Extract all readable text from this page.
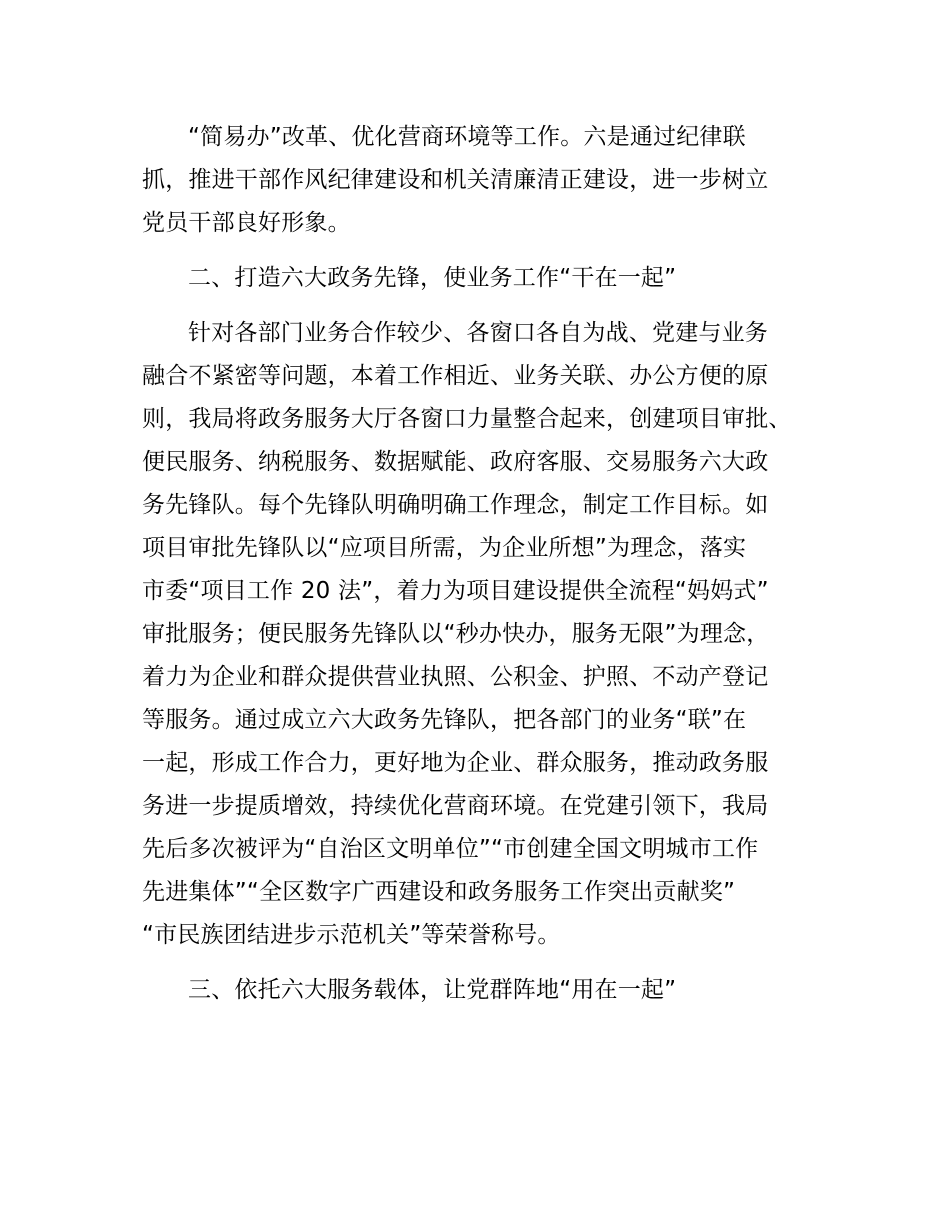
“简易办”改革、优化营商环境等工作。六是通过纪律联
抓，推进干部作风纪律建设和机关清廉清正建设，进一步树立
党员干部良好形象。
二、打造六大政务先锋，使业务工作“干在一起”
针对各部门业务合作较少、各窗口各自为战、党建与业务
融合不紧密等问题，本着工作相近、业务关联、办公方便的原
则，我局将政务服务大厅各窗口力量整合起来，创建项目审批、
便民服务、纳税服务、数据赋能、政府客服、交易服务六大政
务先锋队。每个先锋队明确明确工作理念，制定工作目标。如
项目审批先锋队以“应项目所需，为企业所想”为理念，落实
市委“项目工作 20 法”，着力为项目建设提供全流程“妈妈式”
审批服务；便民服务先锋队以“秒办快办，服务无限”为理念，
着力为企业和群众提供营业执照、公积金、护照、不动产登记
等服务。通过成立六大政务先锋队，把各部门的业务“联”在
一起，形成工作合力，更好地为企业、群众服务，推动政务服
务进一步提质增效，持续优化营商环境。在党建引领下，我局
先后多次被评为“自治区文明单位”“市创建全国文明城市工作
先进集体”“全区数字广西建设和政务服务工作突出贡献奖”
“市民族团结进步示范机关”等荣誉称号。
三、依托六大服务载体，让党群阵地“用在一起”
